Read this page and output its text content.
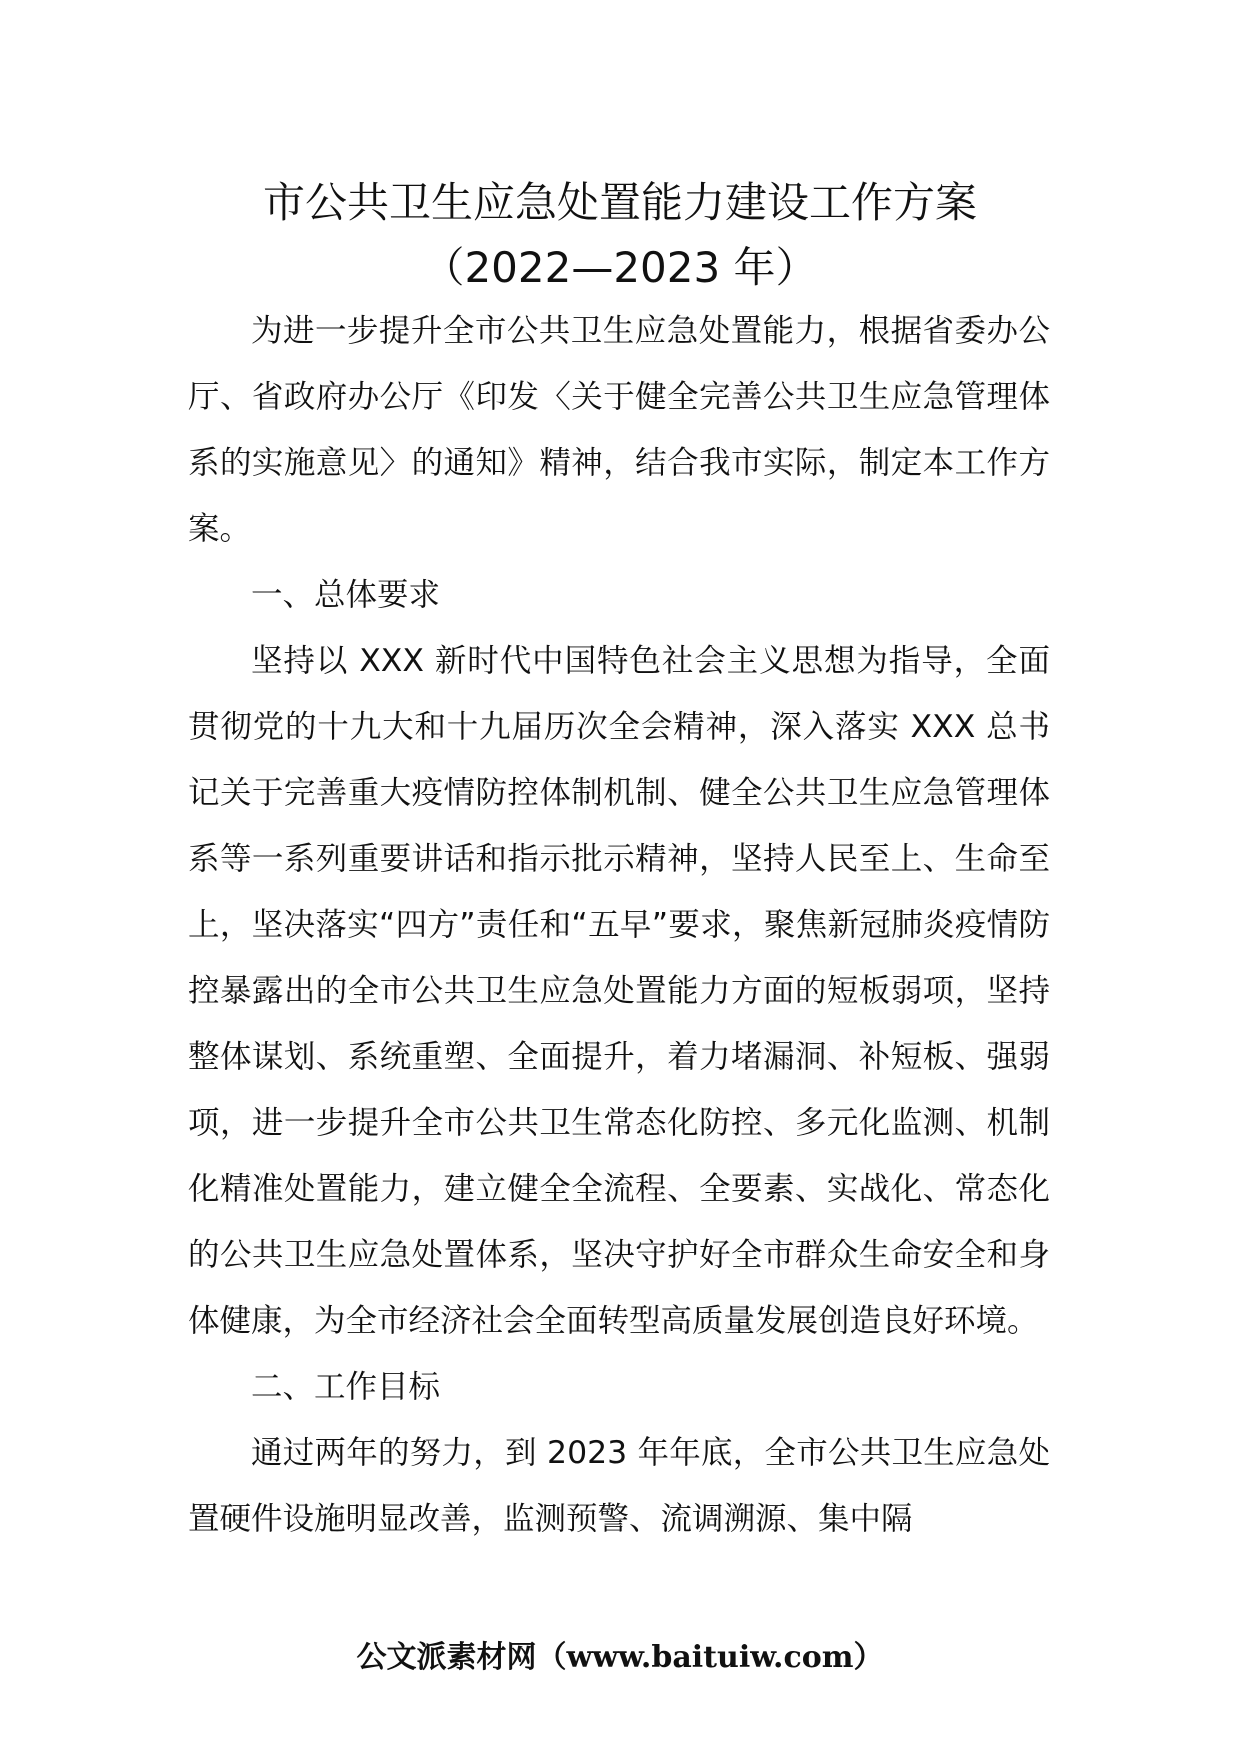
市公共卫生应急处置能力建设工作方案
（2022—2023 年）

为进一步提升全市公共卫生应急处置能力，根据省委办公厅、省政府办公厅《印发〈关于健全完善公共卫生应急管理体系的实施意见〉的通知》精神，结合我市实际，制定本工作方案。

一、总体要求

坚持以 XXX 新时代中国特色社会主义思想为指导，全面贯彻党的十九大和十九届历次全会精神，深入落实 XXX 总书记关于完善重大疫情防控体制机制、健全公共卫生应急管理体系等一系列重要讲话和指示批示精神，坚持人民至上、生命至上，坚决落实“四方”责任和“五早”要求，聚焦新冠肺炎疫情防控暴露出的全市公共卫生应急处置能力方面的短板弱项，坚持整体谋划、系统重塑、全面提升，着力堵漏洞、补短板、强弱项，进一步提升全市公共卫生常态化防控、多元化监测、机制化精准处置能力，建立健全全流程、全要素、实战化、常态化的公共卫生应急处置体系，坚决守护好全市群众生命安全和身体健康，为全市经济社会全面转型高质量发展创造良好环境。

二、工作目标

通过两年的努力，到 2023 年年底，全市公共卫生应急处置硬件设施明显改善，监测预警、流调溯源、集中隔

公文派素材网（www.baituiw.com）
